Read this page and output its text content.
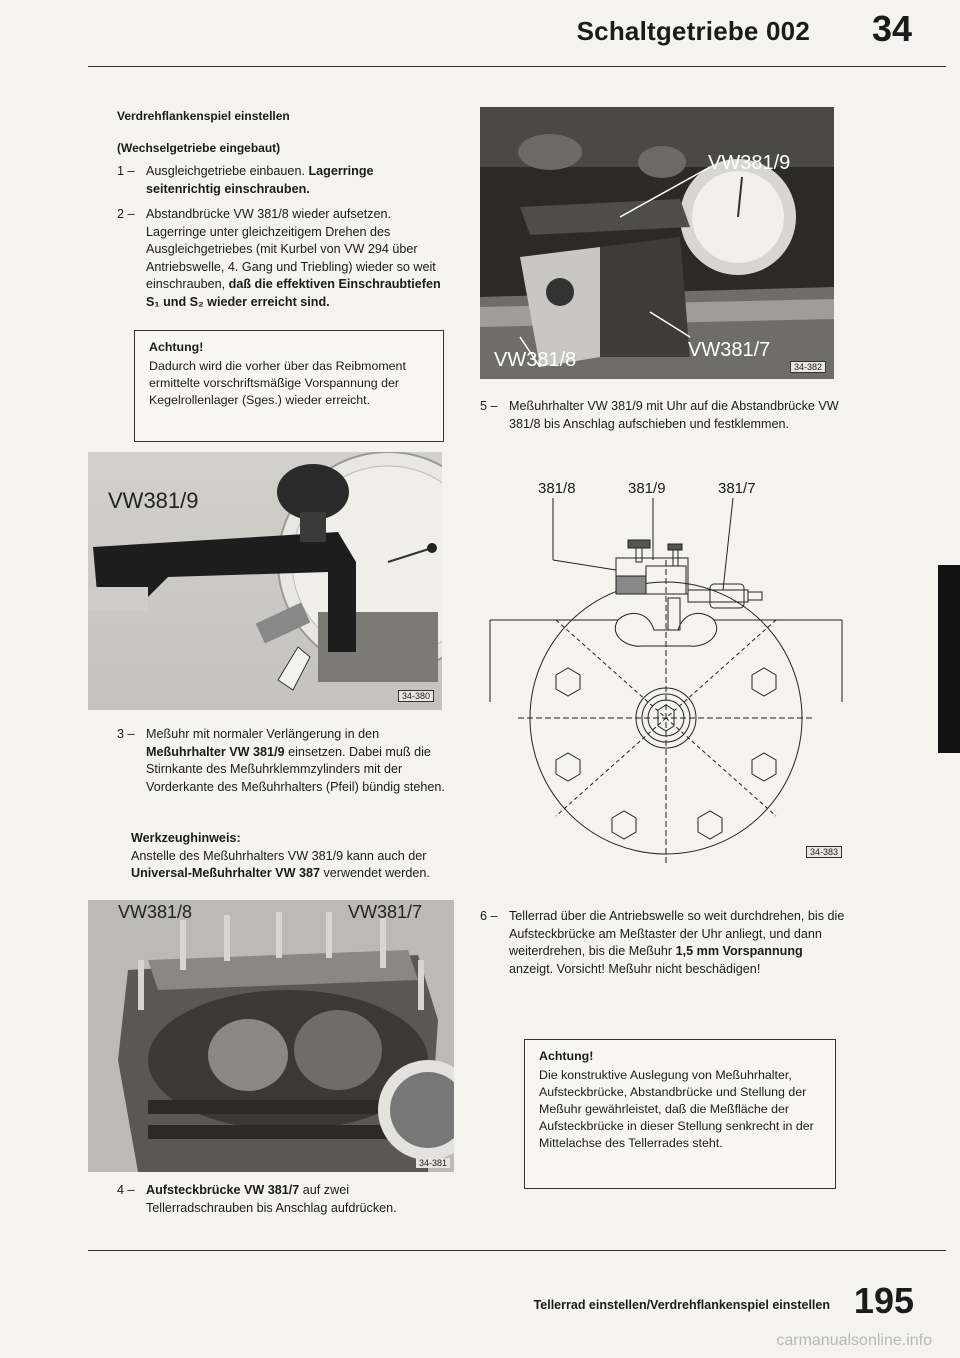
Schaltgetriebe 002 34
Verdrehflankenspiel einstellen
(Wechselgetriebe eingebaut)
1 – Ausgleichgetriebe einbauen. Lagerringe seitenrichtig einschrauben.
2 – Abstandbrücke VW 381/8 wieder aufsetzen. Lagerringe unter gleichzeitigem Drehen des Ausgleichgetriebes (mit Kurbel von VW 294 über Antriebswelle, 4. Gang und Triebling) wieder so weit einschrauben, daß die effektiven Einschraubtiefen S₁ und S₂ wieder erreicht sind.
Achtung!
Dadurch wird die vorher über das Reibmoment ermittelte vorschriftsmäßige Vorspannung der Kegelrollenlager (Sges.) wieder erreicht.
VW381/9
34-380
3 – Meßuhr mit normaler Verlängerung in den Meßuhrhalter VW 381/9 einsetzen. Dabei muß die Stirnkante des Meßuhrklemmzylinders mit der Vorderkante des Meßuhrhalters (Pfeil) bündig stehen.
Werkzeughinweis:
Anstelle des Meßuhrhalters VW 381/9 kann auch der Universal-Meßuhrhalter VW 387 verwendet werden.
VW381/8	VW381/7
34-381
4 – Aufsteckbrücke VW 381/7 auf zwei Tellerradschrauben bis Anschlag aufdrücken.
VW381/9
VW381/8	VW381/7
34-382
5 – Meßuhrhalter VW 381/9 mit Uhr auf die Abstandbrücke VW 381/8 bis Anschlag aufschieben und festklemmen.
381/8	381/9	381/7
34-383
6 – Tellerrad über die Antriebswelle so weit durchdrehen, bis die Aufsteckbrücke am Meßtaster der Uhr anliegt, und dann weiterdrehen, bis die Meßuhr 1,5 mm Vorspannung anzeigt. Vorsicht! Meßuhr nicht beschädigen!
Achtung!
Die konstruktive Auslegung von Meßuhrhalter, Aufsteckbrücke, Abstandbrücke und Stellung der Meßuhr gewährleistet, daß die Meßfläche der Aufsteckbrücke in dieser Stellung senkrecht in der Mittelachse des Tellerrades steht.
Tellerrad einstellen/Verdrehflankenspiel einstellen 195
carmanualsonline.info
